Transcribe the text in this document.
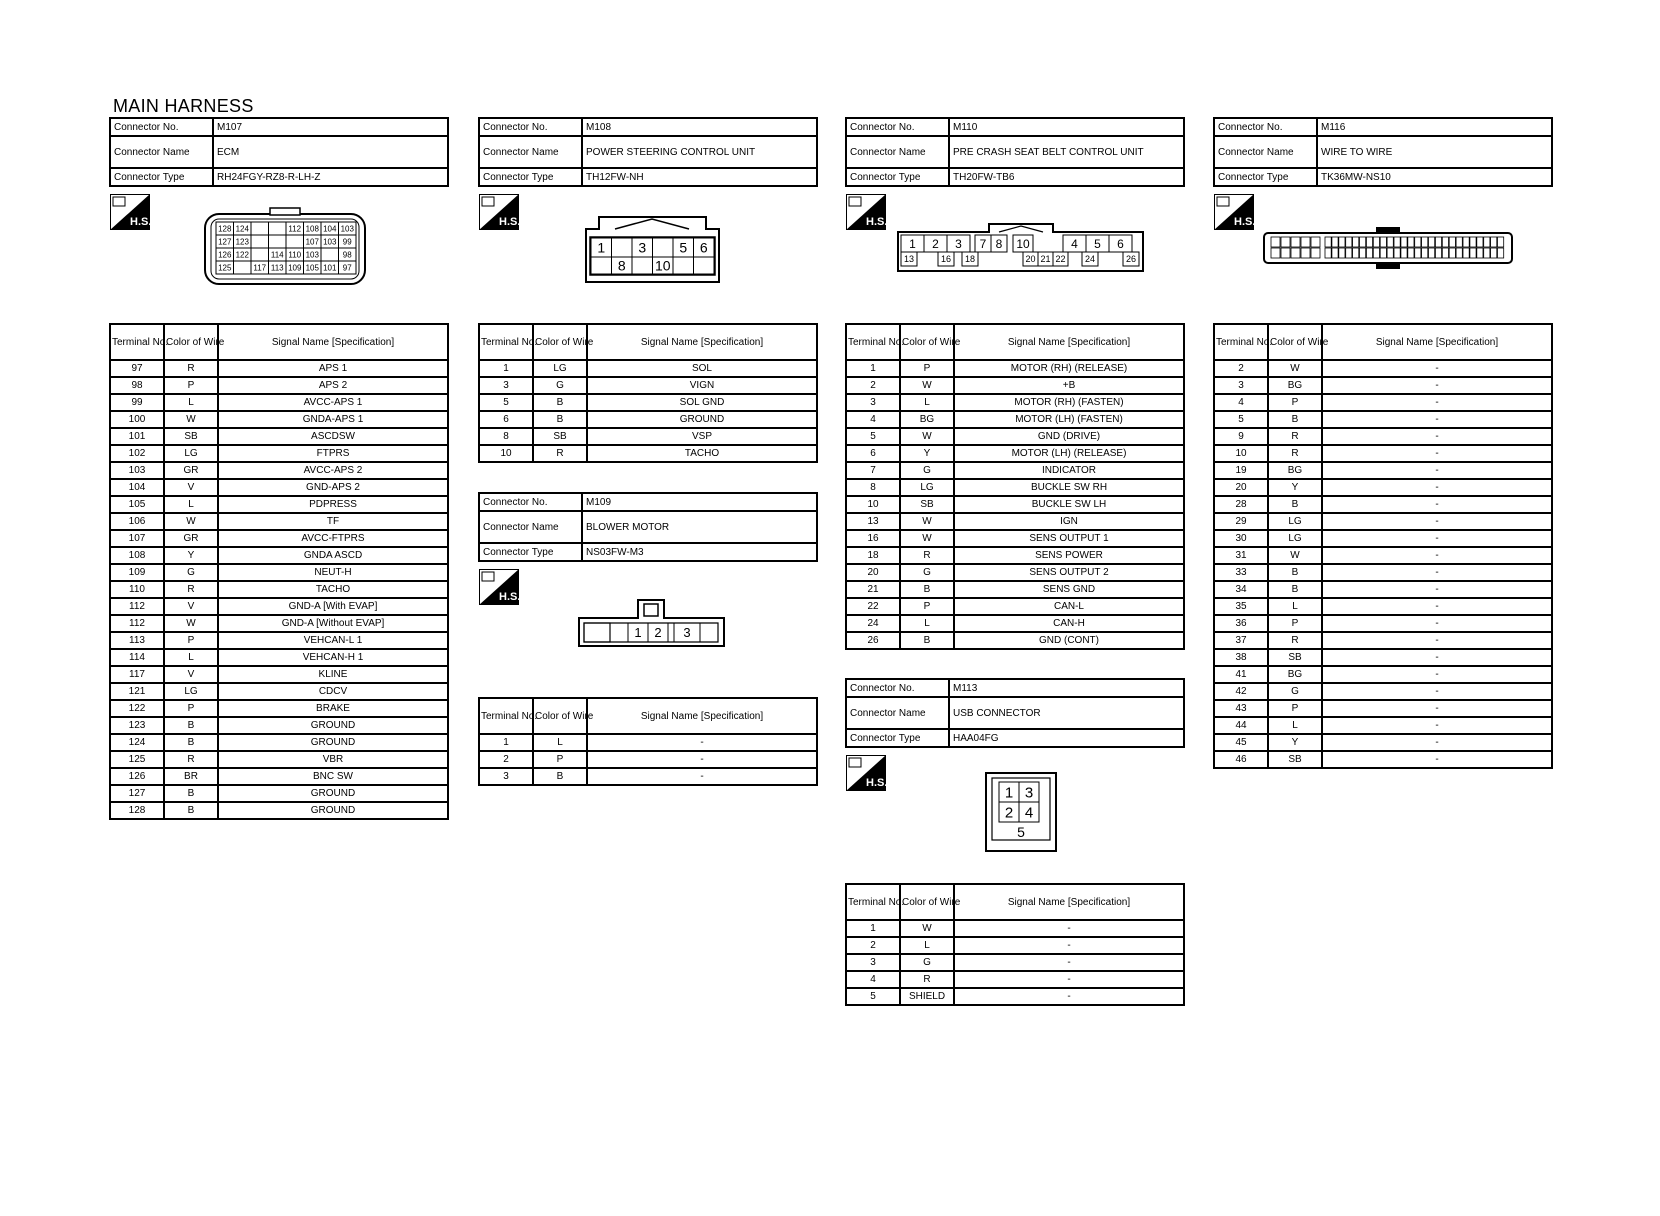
MAIN HARNESS
Connector No.	M107
Connector Name	ECM
Connector Type	RH24FGY-RZ8-R-LH-Z
H.S.
128 124	112 108 104 103
127 123	107 103 99
126 122	114 110 103	98
125	117 113 109 105 101 97
Terminal No.	Color of Wire	Signal Name [Specification]
97	R	APS 1
98	P	APS 2
99	L	AVCC-APS 1
100	W	GNDA-APS 1
101	SB	ASCDSW
102	LG	FTPRS
103	GR	AVCC-APS 2
104	V	GND-APS 2
105	L	PDPRESS
106	W	TF
107	GR	AVCC-FTPRS
108	Y	GNDA ASCD
109	G	NEUT-H
110	R	TACHO
112	V	GND-A [With EVAP]
112	W	GND-A [Without EVAP]
113	P	VEHCAN-L 1
114	L	VEHCAN-H 1
117	V	KLINE
121	LG	CDCV
122	P	BRAKE
123	B	GROUND
124	B	GROUND
125	R	VBR
126	BR	BNC SW
127	B	GROUND
128	B	GROUND
Connector No.	M108
Connector Name	POWER STEERING CONTROL UNIT
Connector Type	TH12FW-NH
H.S.
1 3 5 6
8 10
Terminal No.	Color of Wire	Signal Name [Specification]
1	LG	SOL
3	G	VIGN
5	B	SOL GND
6	B	GROUND
8	SB	VSP
10	R	TACHO
Connector No.	M109
Connector Name	BLOWER MOTOR
Connector Type	NS03FW-M3
H.S.
1 2 3
Terminal No.	Color of Wire	Signal Name [Specification]
1	L	-
2	P	-
3	B	-
Connector No.	M110
Connector Name	PRE CRASH SEAT BELT CONTROL UNIT
Connector Type	TH20FW-TB6
H.S.
1 2 3 7 8 10	4 5 6
13	16 18	20 21 22 24	26
Terminal No.	Color of Wire	Signal Name [Specification]
1	P	MOTOR (RH) (RELEASE)
2	W	+B
3	L	MOTOR (RH) (FASTEN)
4	BG	MOTOR (LH) (FASTEN)
5	W	GND (DRIVE)
6	Y	MOTOR (LH) (RELEASE)
7	G	INDICATOR
8	LG	BUCKLE SW RH
10	SB	BUCKLE SW LH
13	W	IGN
16	W	SENS OUTPUT 1
18	R	SENS POWER
20	G	SENS OUTPUT 2
21	B	SENS GND
22	P	CAN-L
24	L	CAN-H
26	B	GND (CONT)
Connector No.	M113
Connector Name	USB CONNECTOR
Connector Type	HAA04FG
H.S.
1 3
2 4
5
Terminal No.	Color of Wire	Signal Name [Specification]
1	W	-
2	L	-
3	G	-
4	R	-
5	SHIELD	-
Connector No.	M116
Connector Name	WIRE TO WIRE
Connector Type	TK36MW-NS10
H.S.
Terminal No.	Color of Wire	Signal Name [Specification]
2	W	-
3	BG	-
4	P	-
5	B	-
9	R	-
10	R	-
19	BG	-
20	Y	-
28	B	-
29	LG	-
30	LG	-
31	W	-
33	B	-
34	B	-
35	L	-
36	P	-
37	R	-
38	SB	-
41	BG	-
42	G	-
43	P	-
44	L	-
45	Y	-
46	SB	-
